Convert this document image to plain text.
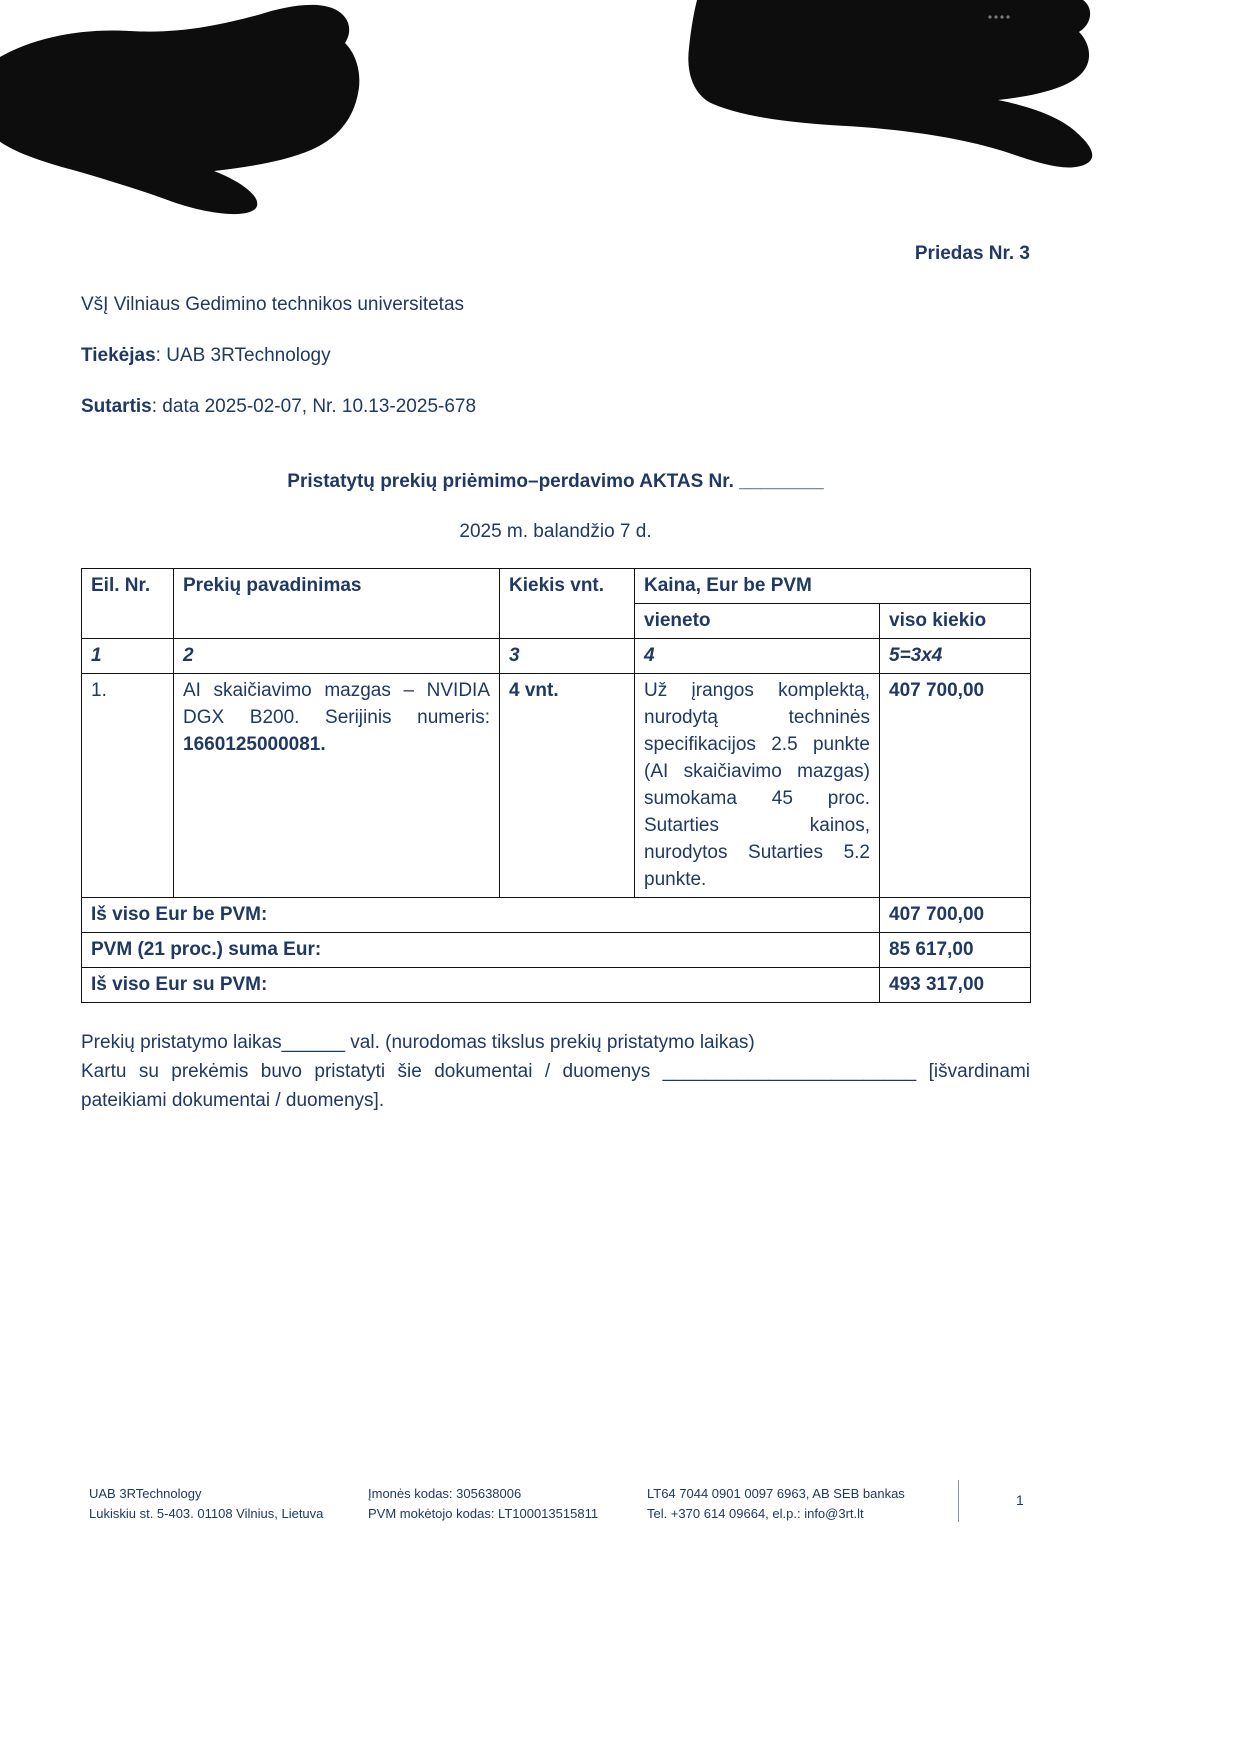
Priedas Nr. 3

VšĮ Vilniaus Gedimino technikos universitetas

Tiekėjas: UAB 3RTechnology

Sutartis: data 2025-02-07, Nr. 10.13-2025-678

Pristatytų prekių priėmimo–perdavimo AKTAS Nr. ________
2025 m. balandžio 7 d.
Eil. Nr.	Prekių pavadinimas	Kiekis vnt.	Kaina, Eur be PVM	
			vieneto	viso kiekio
1	2	3	4	5=3x4
1.	AI skaičiavimo mazgas – NVIDIA DGX B200. Serijinis numeris: 1660125000081.	4 vnt.	Už įrangos komplektą, nurodytą techninės specifikacijos 2.5 punkte (AI skaičiavimo mazgas) sumokama 45 proc. Sutarties kainos, nurodytos Sutarties 5.2 punkte.	407 700,00
Iš viso Eur be PVM:				407 700,00
PVM (21 proc.) suma Eur:				85 617,00
Iš viso Eur su PVM:				493 317,00

Prekių pristatymo laikas______ val. (nurodomas tikslus prekių pristatymo laikas)

Kartu su prekėmis buvo pristatyti šie dokumentai / duomenys ________________________ [išvardinami pateikiami dokumentai / duomenys].

UAB 3RTechnology
Lukiskiu st. 5-403. 01108 Vilnius, Lietuva
Įmonės kodas: 305638006
PVM mokėtojo kodas: LT100013515811
LT64 7044 0901 0097 6963, AB SEB bankas
Tel. +370 614 09664, el.p.: info@3rt.lt
1
